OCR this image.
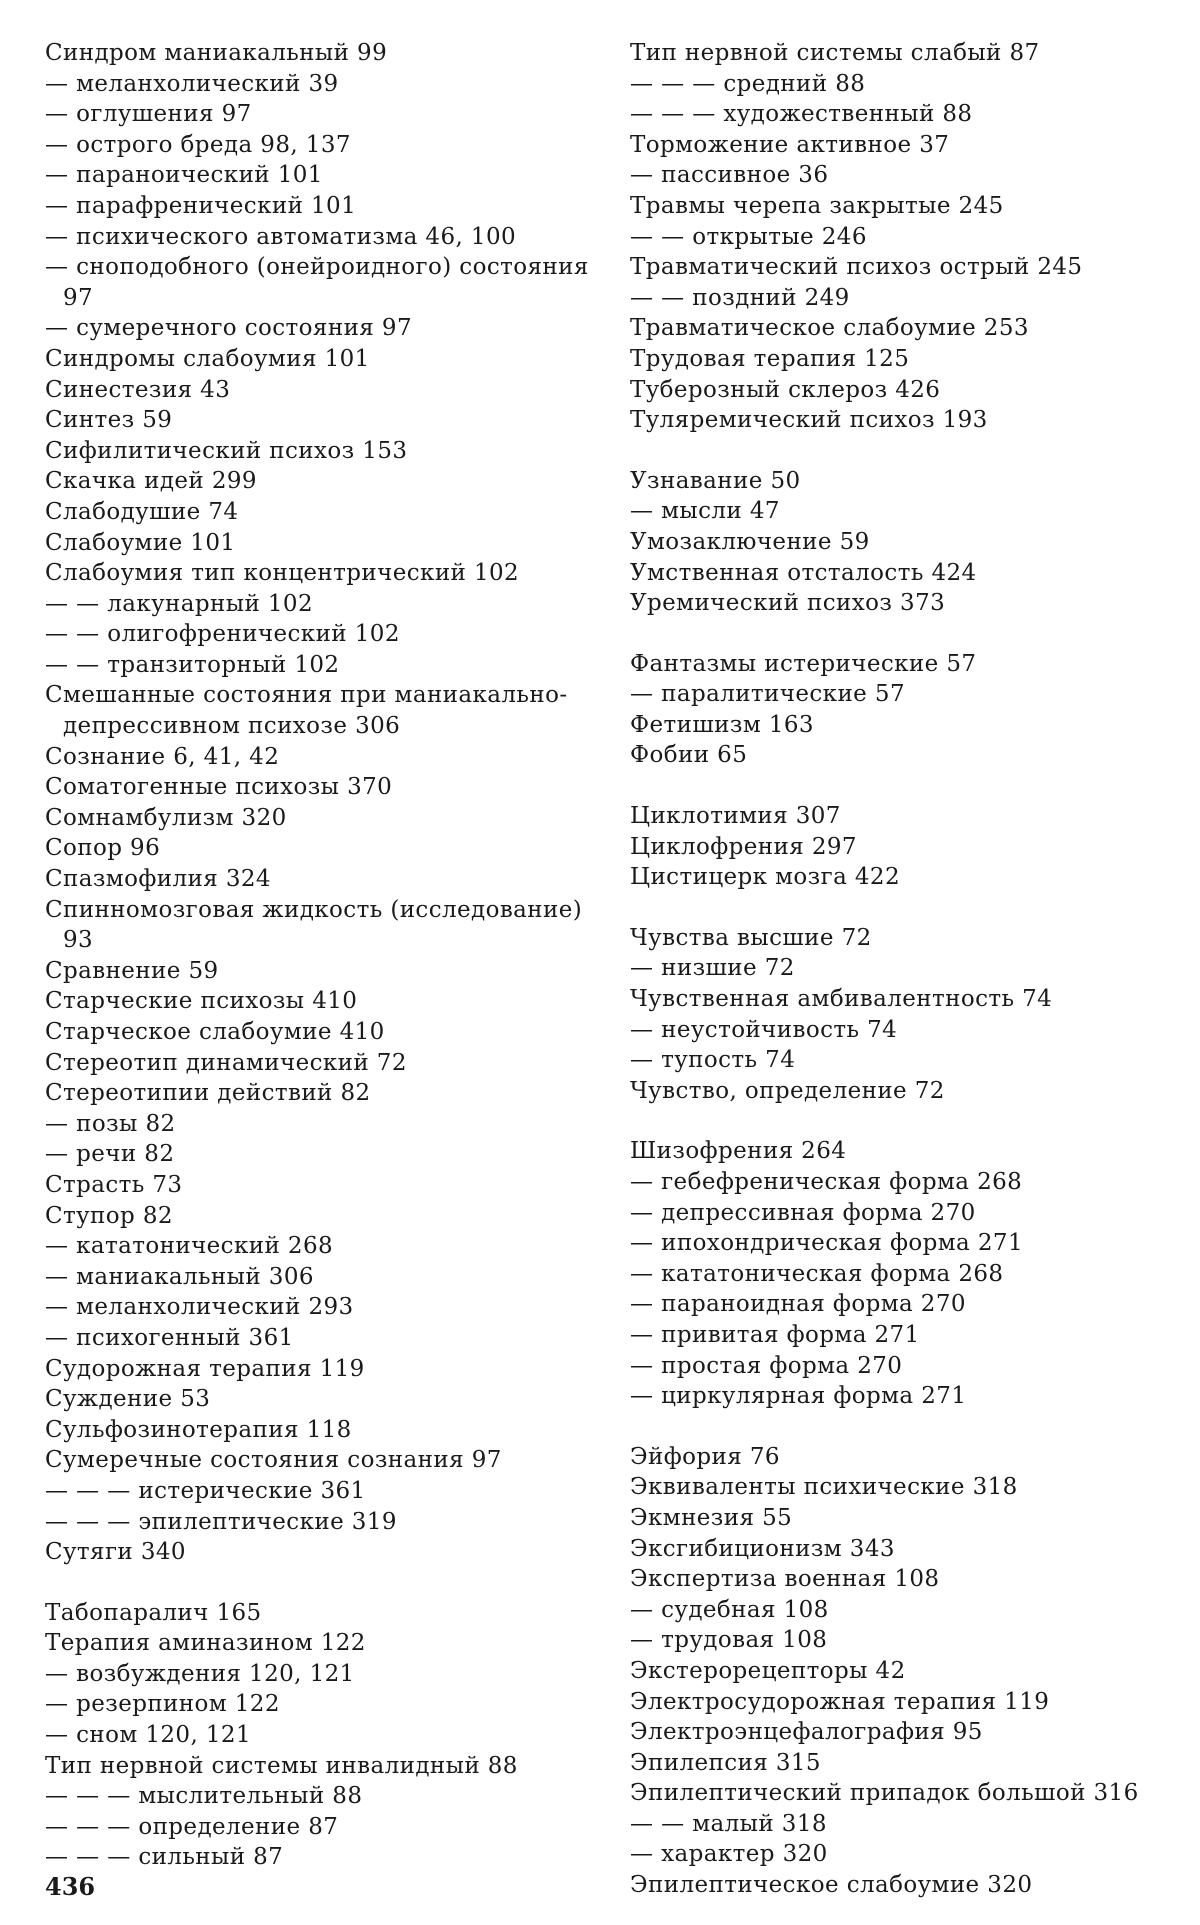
Синдром маниакальный 99
— меланхолический 39
— оглушения 97
— острого бреда 98, 137
— параноический 101
— парафренический 101
— психического автоматизма 46, 100
— сноподобного (онейроидного) состояния 97
— сумеречного состояния 97
Синдромы слабоумия 101
Синестезия 43
Синтез 59
Сифилитический психоз 153
Скачка идей 299
Слабодушие 74
Слабоумие 101
Слабоумия тип концентрический 102
— — лакунарный 102
— — олигофренический 102
— — транзиторный 102
Смешанные состояния при маниакально-депрессивном психозе 306
Сознание 6, 41, 42
Соматогенные психозы 370
Сомнамбулизм 320
Сопор 96
Спазмофилия 324
Спинномозговая жидкость (исследование) 93
Сравнение 59
Старческие психозы 410
Старческое слабоумие 410
Стереотип динамический 72
Стереотипии действий 82
— позы 82
— речи 82
Страсть 73
Ступор 82
— кататонический 268
— маниакальный 306
— меланхолический 293
— психогенный 361
Судорожная терапия 119
Суждение 53
Сульфозинотерапия 118
Сумеречные состояния сознания 97
— — — истерические 361
— — — эпилептические 319
Сутяги 340
Табопаралич 165
Терапия аминазином 122
— возбуждения 120, 121
— резерпином 122
— сном 120, 121
Тип нервной системы инвалидный 88
— — — мыслительный 88
— — — определение 87
— — — сильный 87
Тип нервной системы слабый 87
— — — средний 88
— — — художественный 88
Торможение активное 37
— пассивное 36
Травмы черепа закрытые 245
— — открытые 246
Травматический психоз острый 245
— — поздний 249
Травматическое слабоумие 253
Трудовая терапия 125
Туберозный склероз 426
Туляремический психоз 193
Узнавание 50
— мысли 47
Умозаключение 59
Умственная отсталость 424
Уремический психоз 373
Фантазмы истерические 57
— паралитические 57
Фетишизм 163
Фобии 65
Циклотимия 307
Циклофрения 297
Цистицерк мозга 422
Чувства высшие 72
— низшие 72
Чувственная амбивалентность 74
— неустойчивость 74
— тупость 74
Чувство, определение 72
Шизофрения 264
— гебефреническая форма 268
— депрессивная форма 270
— ипохондрическая форма 271
— кататоническая форма 268
— параноидная форма 270
— привитая форма 271
— простая форма 270
— циркулярная форма 271
Эйфория 76
Эквиваленты психические 318
Экмнезия 55
Эксгибиционизм 343
Экспертиза военная 108
— судебная 108
— трудовая 108
Экстерорецепторы 42
Электросудорожная терапия 119
Электроэнцефалография 95
Эпилепсия 315
Эпилептический припадок большой 316
— — малый 318
— характер 320
Эпилептическое слабоумие 320
436
